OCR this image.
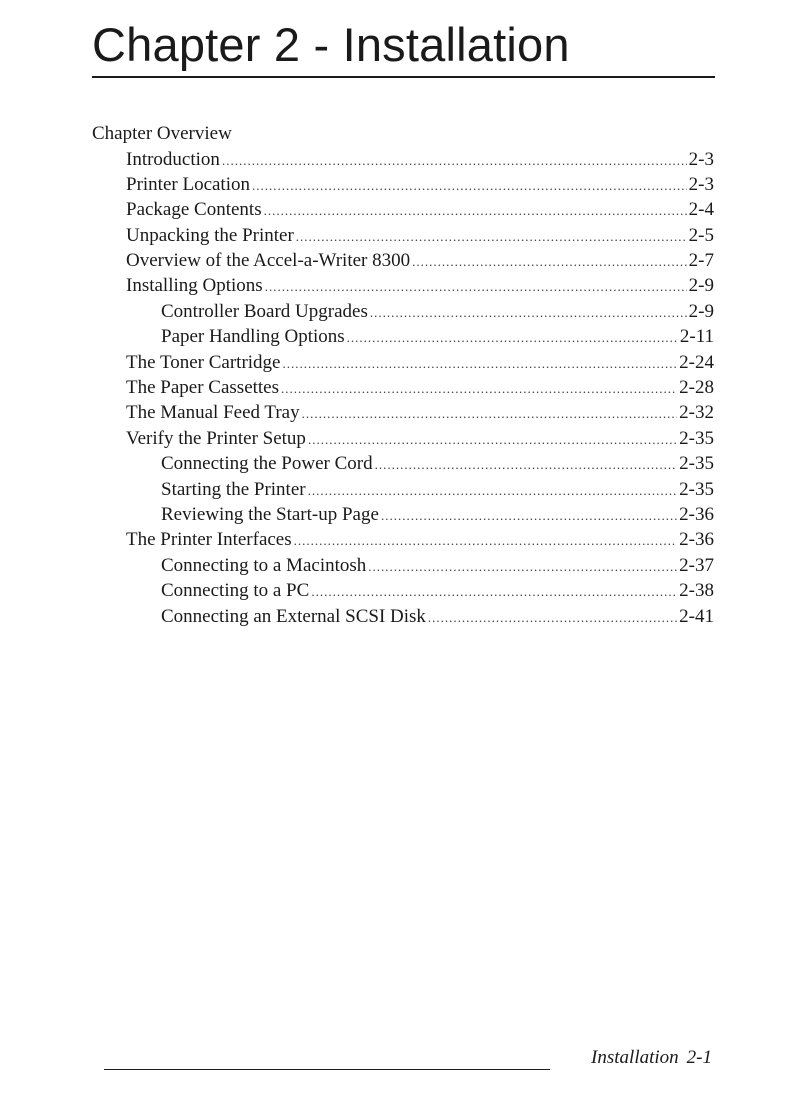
Chapter 2 - Installation
Chapter Overview
Introduction .....	2-3
Printer Location .....	2-3
Package Contents .....	2-4
Unpacking the Printer .....	2-5
Overview of the Accel-a-Writer 8300 .....	2-7
Installing Options .....	2-9
Controller Board Upgrades .....	2-9
Paper Handling Options .....	2-11
The Toner Cartridge .....	2-24
The Paper Cassettes .....	2-28
The Manual Feed Tray .....	2-32
Verify the Printer Setup .....	2-35
Connecting the Power Cord .....	2-35
Starting the Printer .....	2-35
Reviewing the Start-up Page .....	2-36
The Printer Interfaces .....	2-36
Connecting to a Macintosh .....	2-37
Connecting to a PC .....	2-38
Connecting an External SCSI Disk .....	2-41
Installation 2-1
